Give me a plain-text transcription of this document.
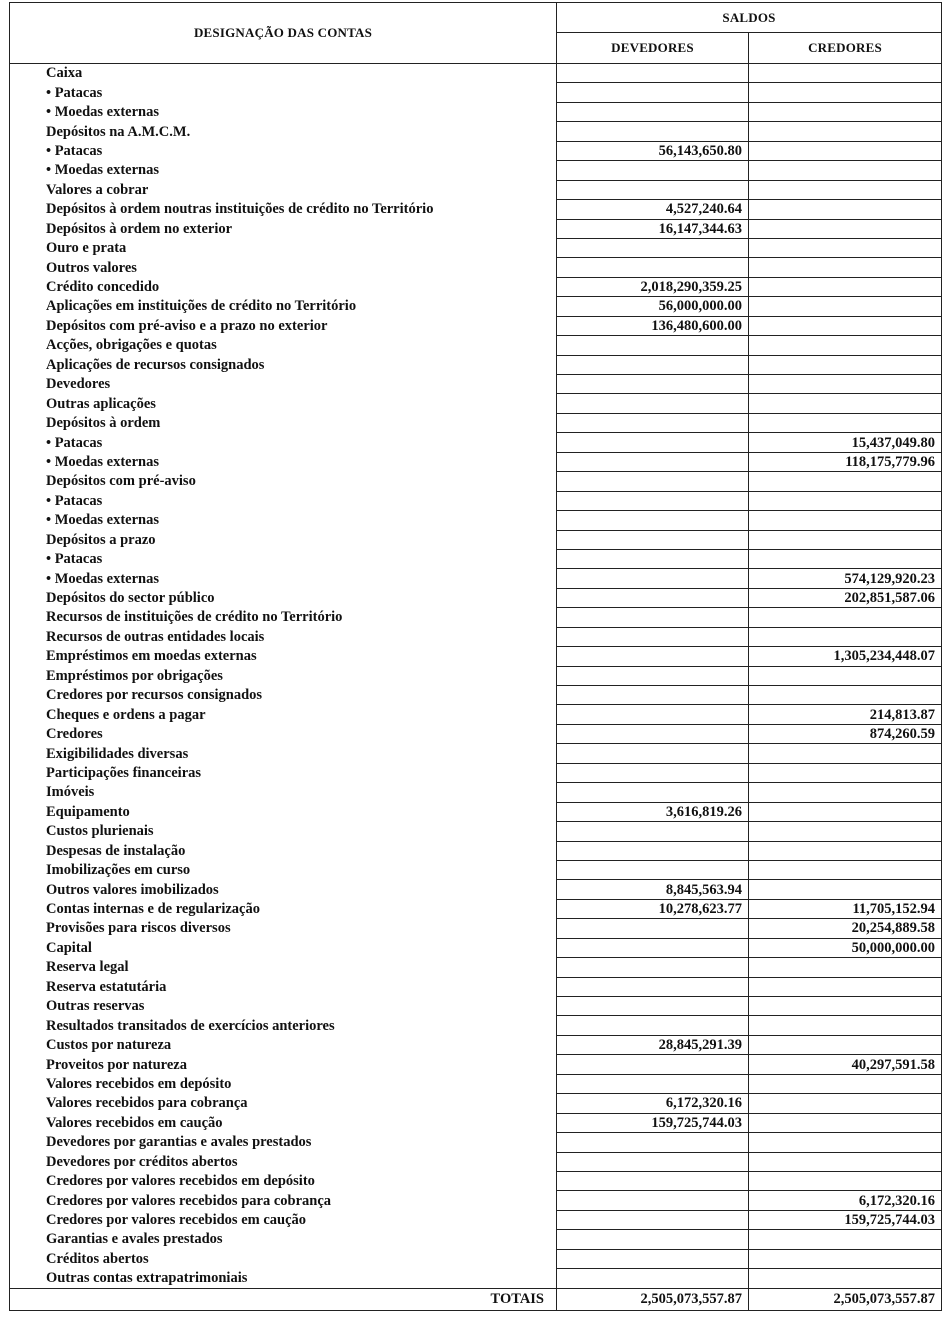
DESIGNAÇÃO DAS CONTAS	SALDOS	
	DEVEDORES	CREDORES
Caixa		
• Patacas		
• Moedas externas		
Depósitos na A.M.C.M.		
• Patacas	56,143,650.80	
• Moedas externas		
Valores a cobrar		
Depósitos à ordem noutras instituições de crédito no Território	4,527,240.64	
Depósitos à ordem no exterior	16,147,344.63	
Ouro e prata		
Outros valores		
Crédito concedido	2,018,290,359.25	
Aplicações em instituições de crédito no Território	56,000,000.00	
Depósitos com pré-aviso e a prazo no exterior	136,480,600.00	
Acções, obrigações e quotas		
Aplicações de recursos consignados		
Devedores		
Outras aplicações		
Depósitos à ordem		
• Patacas		15,437,049.80
• Moedas externas		118,175,779.96
Depósitos com pré-aviso		
• Patacas		
• Moedas externas		
Depósitos a prazo		
• Patacas		
• Moedas externas		574,129,920.23
Depósitos do sector público		202,851,587.06
Recursos de instituições de crédito no Território		
Recursos de outras entidades locais		
Empréstimos em moedas externas		1,305,234,448.07
Empréstimos por obrigações		
Credores por recursos consignados		
Cheques e ordens a pagar		214,813.87
Credores		874,260.59
Exigibilidades diversas		
Participações financeiras		
Imóveis		
Equipamento	3,616,819.26	
Custos plurienais		
Despesas de instalação		
Imobilizações em curso		
Outros valores imobilizados	8,845,563.94	
Contas internas e de regularização	10,278,623.77	11,705,152.94
Provisões para riscos diversos		20,254,889.58
Capital		50,000,000.00
Reserva legal		
Reserva estatutária		
Outras reservas		
Resultados transitados de exercícios anteriores		
Custos por natureza	28,845,291.39	
Proveitos por natureza		40,297,591.58
Valores recebidos em depósito		
Valores recebidos para cobrança	6,172,320.16	
Valores recebidos em caução	159,725,744.03	
Devedores por garantias e avales prestados		
Devedores por créditos abertos		
Credores por valores recebidos em depósito		
Credores por valores recebidos para cobrança		6,172,320.16
Credores por valores recebidos em caução		159,725,744.03
Garantias e avales prestados		
Créditos abertos		
Outras contas extrapatrimoniais		
TOTAIS	2,505,073,557.87	2,505,073,557.87
